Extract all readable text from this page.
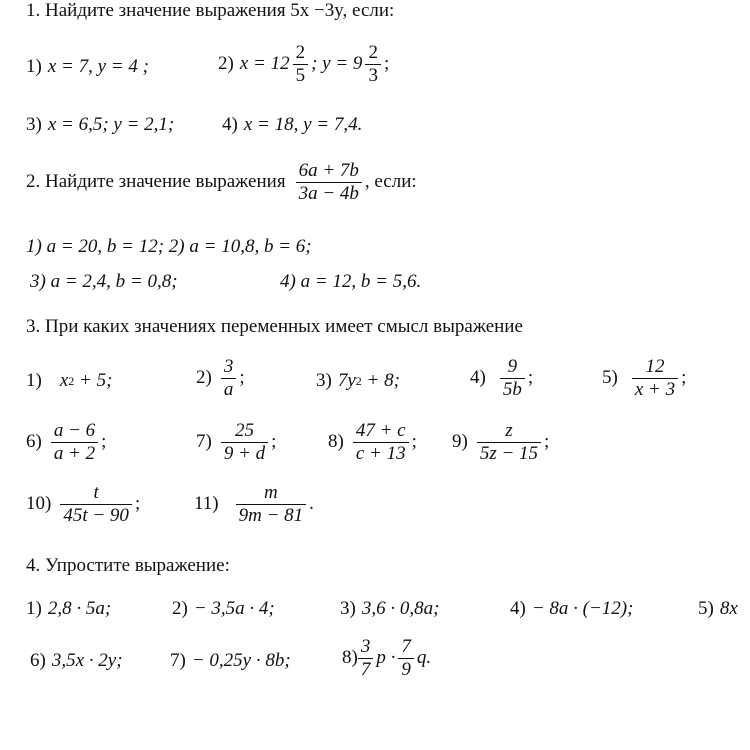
1. Найдите значение выражения 5x −3y, если:
1) x = 7, y = 4 ;	2) $x = 12 \frac{2}{5}$ ; $y = 9 \frac{2}{3}$ ;
3) x = 6,5; y = 2,1;	4) x = 18, y = 7,4.
2. Найдите значение выражения $\frac{6a + 7b}{3a - 4b}$ , если:
1) a = 20, b = 12; 2) a = 10,8, b = 6;
3) a = 2,4, b = 0,8;	4) a = 12, b = 5,6.
3. При каких значениях переменных имеет смысл выражение
1) x 2 + 5;	$2) \frac{3}{a}$ ;	3) 7y 2 + 8;	$4) \frac{9}{5b}$ ;	$5) \frac{12}{x + 3}$ ;
$6) \frac{a - 6}{a + 2}$ ;	$7) \frac{25}{9 + d}$ ;	$8) \frac{47 + c}{c + 13}$ ; $9) \frac{z}{5z - 15}$ ;
$10) \frac{t}{45t - 90}$ ;	$11) \frac{m}{9m - 81}$ .
4. Упростите выражение:
1) 2,8 · 5a;	2) − 3,5a · 4;	3) 3,6 · 0,8a;	4) − 8a · (−12);	5) 8x
6) 3,5x · 2y; 7) − 0,25y · 8b;	$8) \frac{3}{7}$ $p \cdot \frac{7}{9} q$.
